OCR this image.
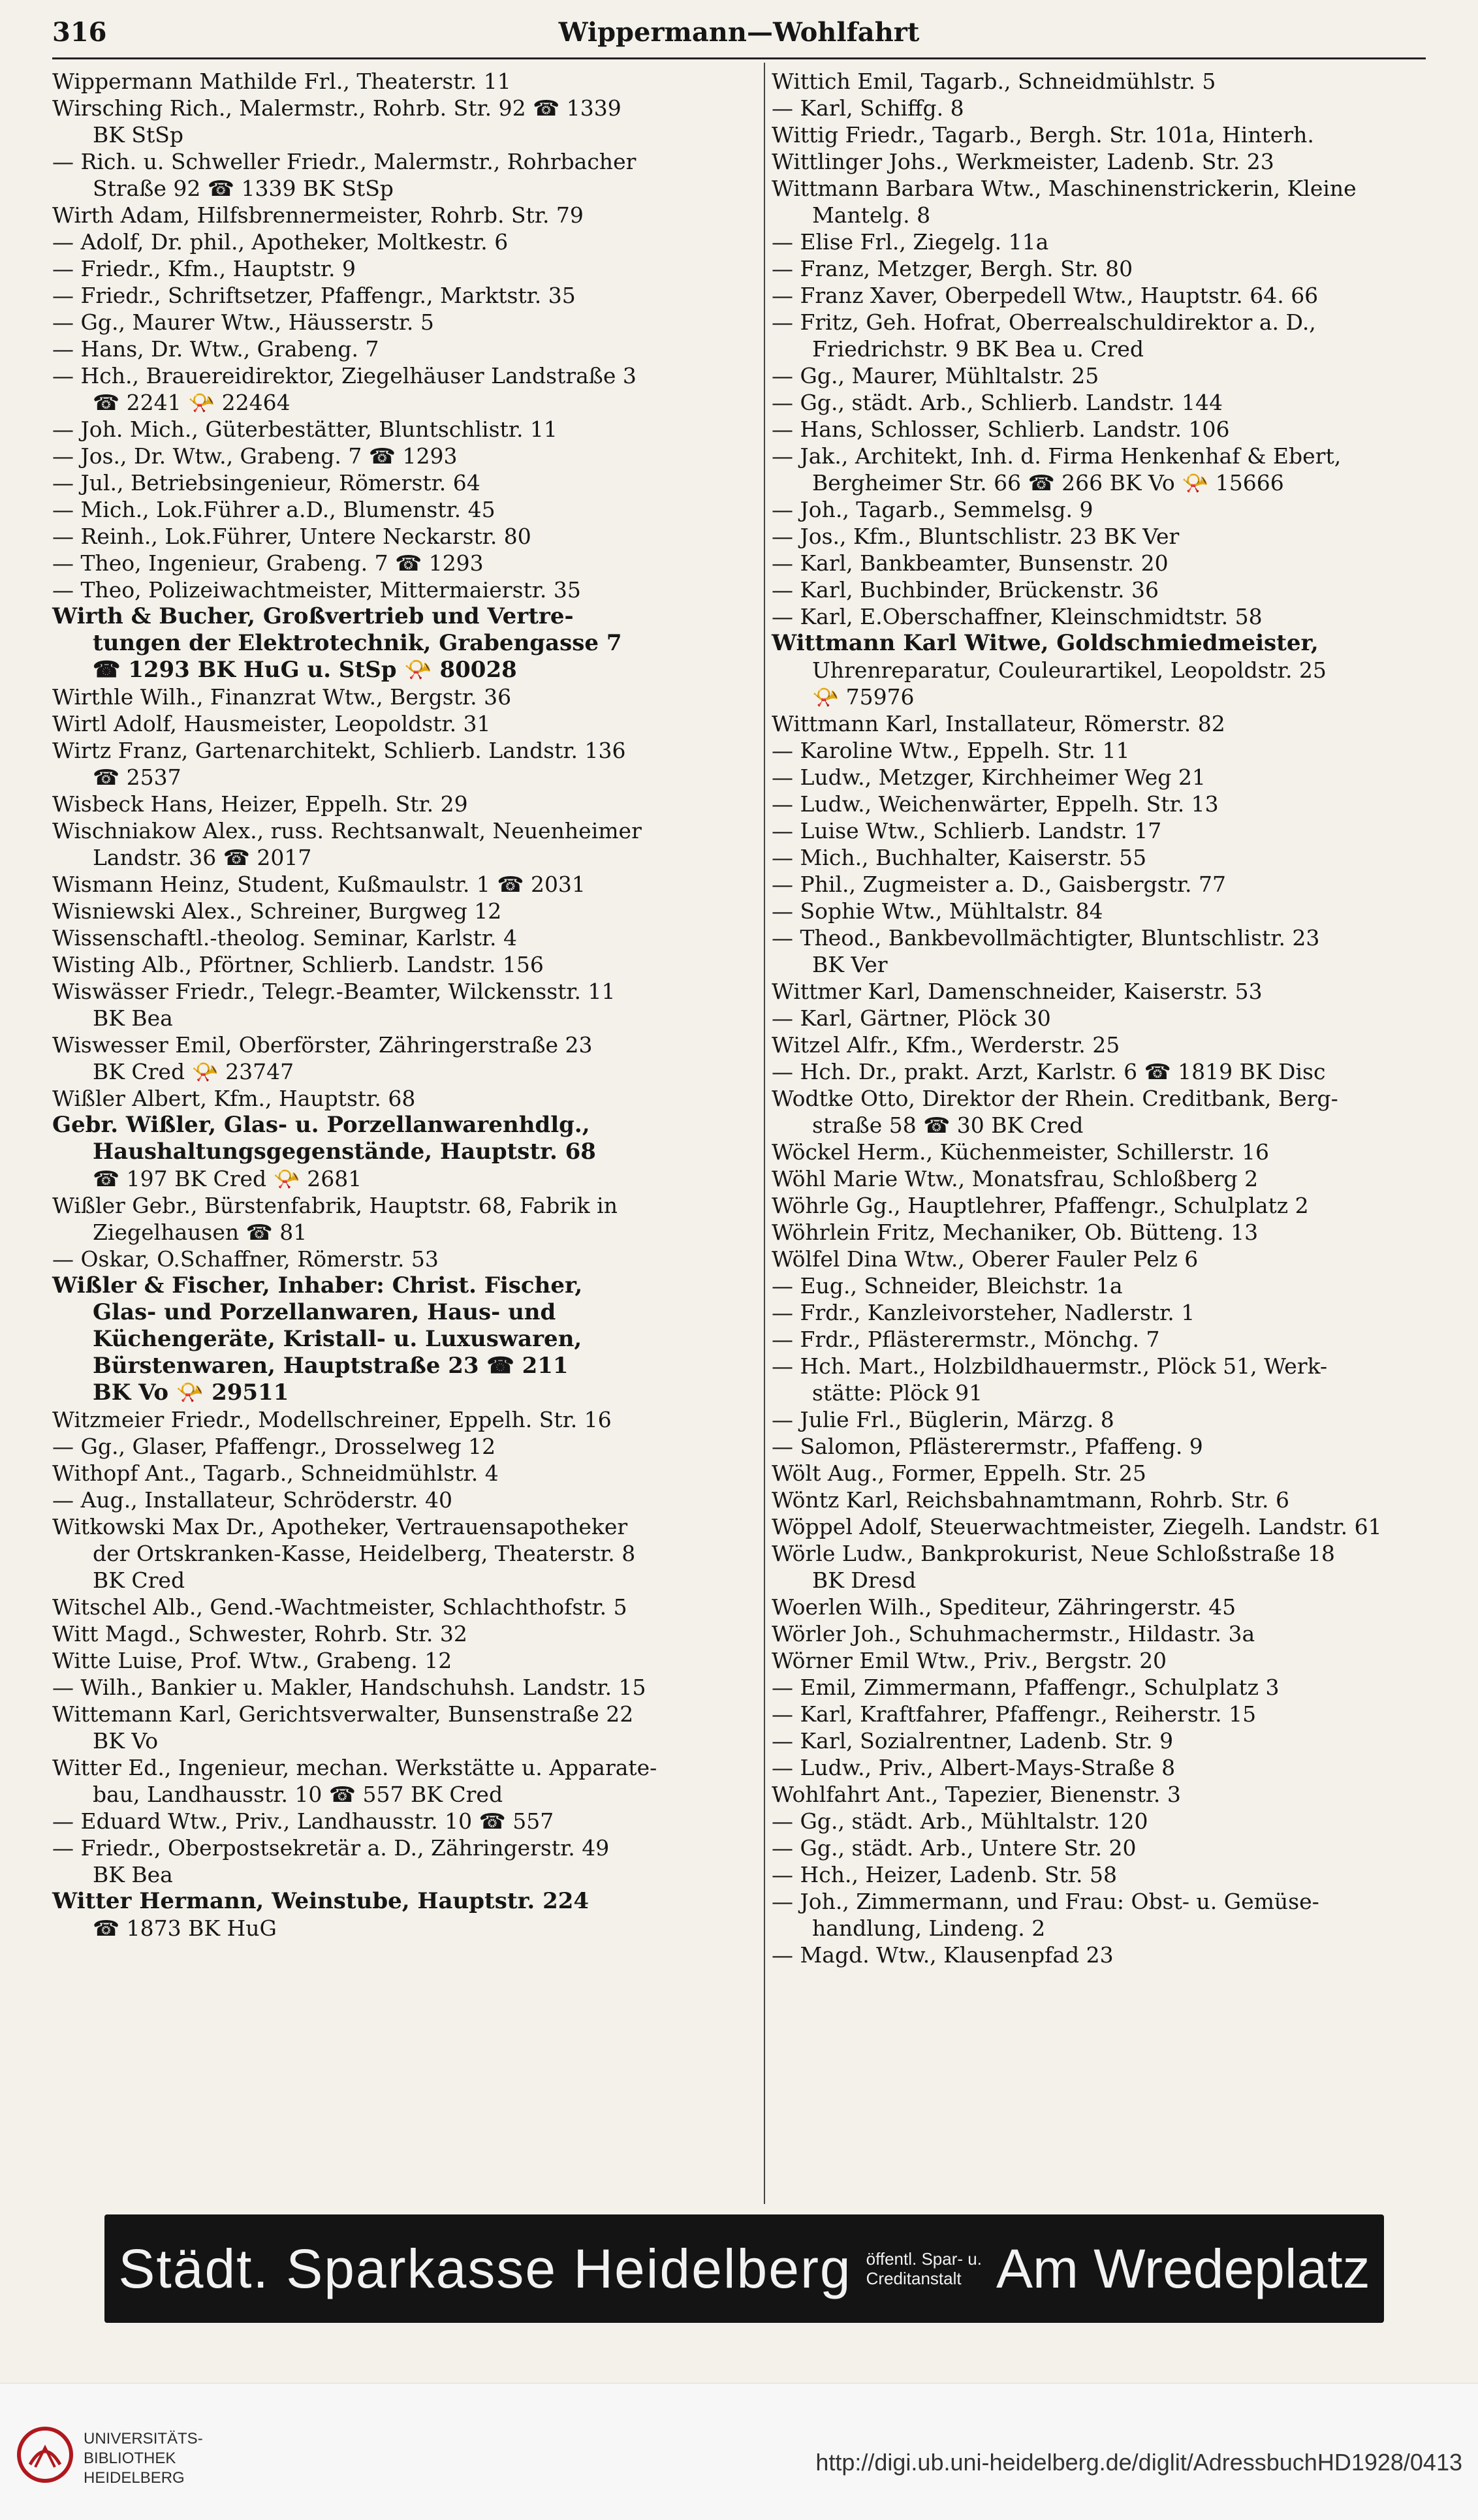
316	Wippermann—Wohlfahrt
Wippermann Mathilde Frl., Theaterstr. 11
Wirsching Rich., Malermstr., Rohrb. Str. 92 ☎ 1339
BK StSp
— Rich. u. Schweller Friedr., Malermstr., Rohrbacher
Straße 92 ☎ 1339 BK StSp
Wirth Adam, Hilfsbrennermeister, Rohrb. Str. 79
— Adolf, Dr. phil., Apotheker, Moltkestr. 6
— Friedr., Kfm., Hauptstr. 9
— Friedr., Schriftsetzer, Pfaffengr., Marktstr. 35
— Gg., Maurer Wtw., Häusserstr. 5
— Hans, Dr. Wtw., Grabeng. 7
— Hch., Brauereidirektor, Ziegelhäuser Landstraße 3
☎ 2241 📯 22464
— Joh. Mich., Güterbestätter, Bluntschlistr. 11
— Jos., Dr. Wtw., Grabeng. 7 ☎ 1293
— Jul., Betriebsingenieur, Römerstr. 64
— Mich., Lok.Führer a.D., Blumenstr. 45
— Reinh., Lok.Führer, Untere Neckarstr. 80
— Theo, Ingenieur, Grabeng. 7 ☎ 1293
— Theo, Polizeiwachtmeister, Mittermaierstr. 35
Wirth & Bucher, Großvertrieb und Vertre-
tungen der Elektrotechnik, Grabengasse 7
☎ 1293 BK HuG u. StSp 📯 80028
Wirthle Wilh., Finanzrat Wtw., Bergstr. 36
Wirtl Adolf, Hausmeister, Leopoldstr. 31
Wirtz Franz, Gartenarchitekt, Schlierb. Landstr. 136
☎ 2537
Wisbeck Hans, Heizer, Eppelh. Str. 29
Wischniakow Alex., russ. Rechtsanwalt, Neuenheimer
Landstr. 36 ☎ 2017
Wismann Heinz, Student, Kußmaulstr. 1 ☎ 2031
Wisniewski Alex., Schreiner, Burgweg 12
Wissenschaftl.-theolog. Seminar, Karlstr. 4
Wisting Alb., Pförtner, Schlierb. Landstr. 156
Wiswässer Friedr., Telegr.-Beamter, Wilckensstr. 11
BK Bea
Wiswesser Emil, Oberförster, Zähringerstraße 23
BK Cred 📯 23747
Wißler Albert, Kfm., Hauptstr. 68
Gebr. Wißler, Glas- u. Porzellanwarenhdlg.,
Haushaltungsgegenstände, Hauptstr. 68
☎ 197 BK Cred 📯 2681
Wißler Gebr., Bürstenfabrik, Hauptstr. 68, Fabrik in
Ziegelhausen ☎ 81
— Oskar, O.Schaffner, Römerstr. 53
Wißler & Fischer, Inhaber: Christ. Fischer,
Glas- und Porzellanwaren, Haus- und
Küchengeräte, Kristall- u. Luxuswaren,
Bürstenwaren, Hauptstraße 23 ☎ 211
BK Vo 📯 29511
Witzmeier Friedr., Modellschreiner, Eppelh. Str. 16
— Gg., Glaser, Pfaffengr., Drosselweg 12
Withopf Ant., Tagarb., Schneidmühlstr. 4
— Aug., Installateur, Schröderstr. 40
Witkowski Max Dr., Apotheker, Vertrauensapotheker
der Ortskranken-Kasse, Heidelberg, Theaterstr. 8
BK Cred
Witschel Alb., Gend.-Wachtmeister, Schlachthofstr. 5
Witt Magd., Schwester, Rohrb. Str. 32
Witte Luise, Prof. Wtw., Grabeng. 12
— Wilh., Bankier u. Makler, Handschuhsh. Landstr. 15
Wittemann Karl, Gerichtsverwalter, Bunsenstraße 22
BK Vo
Witter Ed., Ingenieur, mechan. Werkstätte u. Apparate-
bau, Landhausstr. 10 ☎ 557 BK Cred
— Eduard Wtw., Priv., Landhausstr. 10 ☎ 557
— Friedr., Oberpostsekretär a. D., Zähringerstr. 49
BK Bea
Witter Hermann, Weinstube, Hauptstr. 224
☎ 1873 BK HuG
Wittich Emil, Tagarb., Schneidmühlstr. 5
— Karl, Schiffg. 8
Wittig Friedr., Tagarb., Bergh. Str. 101a, Hinterh.
Wittlinger Johs., Werkmeister, Ladenb. Str. 23
Wittmann Barbara Wtw., Maschinenstrickerin, Kleine
Mantelg. 8
— Elise Frl., Ziegelg. 11a
— Franz, Metzger, Bergh. Str. 80
— Franz Xaver, Oberpedell Wtw., Hauptstr. 64. 66
— Fritz, Geh. Hofrat, Oberrealschuldirektor a. D.,
Friedrichstr. 9 BK Bea u. Cred
— Gg., Maurer, Mühltalstr. 25
— Gg., städt. Arb., Schlierb. Landstr. 144
— Hans, Schlosser, Schlierb. Landstr. 106
— Jak., Architekt, Inh. d. Firma Henkenhaf & Ebert,
Bergheimer Str. 66 ☎ 266 BK Vo 📯 15666
— Joh., Tagarb., Semmelsg. 9
— Jos., Kfm., Bluntschlistr. 23 BK Ver
— Karl, Bankbeamter, Bunsenstr. 20
— Karl, Buchbinder, Brückenstr. 36
— Karl, E.Oberschaffner, Kleinschmidtstr. 58
Wittmann Karl Witwe, Goldschmiedmeister,
Uhrenreparatur, Couleurartikel, Leopoldstr. 25
📯 75976
Wittmann Karl, Installateur, Römerstr. 82
— Karoline Wtw., Eppelh. Str. 11
— Ludw., Metzger, Kirchheimer Weg 21
— Ludw., Weichenwärter, Eppelh. Str. 13
— Luise Wtw., Schlierb. Landstr. 17
— Mich., Buchhalter, Kaiserstr. 55
— Phil., Zugmeister a. D., Gaisbergstr. 77
— Sophie Wtw., Mühltalstr. 84
— Theod., Bankbevollmächtigter, Bluntschlistr. 23
BK Ver
Wittmer Karl, Damenschneider, Kaiserstr. 53
— Karl, Gärtner, Plöck 30
Witzel Alfr., Kfm., Werderstr. 25
— Hch. Dr., prakt. Arzt, Karlstr. 6 ☎ 1819 BK Disc
Wodtke Otto, Direktor der Rhein. Creditbank, Berg-
straße 58 ☎ 30 BK Cred
Wöckel Herm., Küchenmeister, Schillerstr. 16
Wöhl Marie Wtw., Monatsfrau, Schloßberg 2
Wöhrle Gg., Hauptlehrer, Pfaffengr., Schulplatz 2
Wöhrlein Fritz, Mechaniker, Ob. Bütteng. 13
Wölfel Dina Wtw., Oberer Fauler Pelz 6
— Eug., Schneider, Bleichstr. 1a
— Frdr., Kanzleivorsteher, Nadlerstr. 1
— Frdr., Pflästerermstr., Mönchg. 7
— Hch. Mart., Holzbildhauermstr., Plöck 51, Werk-
stätte: Plöck 91
— Julie Frl., Büglerin, Märzg. 8
— Salomon, Pflästerermstr., Pfaffeng. 9
Wölt Aug., Former, Eppelh. Str. 25
Wöntz Karl, Reichsbahnamtmann, Rohrb. Str. 6
Wöppel Adolf, Steuerwachtmeister, Ziegelh. Landstr. 61
Wörle Ludw., Bankprokurist, Neue Schloßstraße 18
BK Dresd
Woerlen Wilh., Spediteur, Zähringerstr. 45
Wörler Joh., Schuhmachermstr., Hildastr. 3a
Wörner Emil Wtw., Priv., Bergstr. 20
— Emil, Zimmermann, Pfaffengr., Schulplatz 3
— Karl, Kraftfahrer, Pfaffengr., Reiherstr. 15
— Karl, Sozialrentner, Ladenb. Str. 9
— Ludw., Priv., Albert-Mays-Straße 8
Wohlfahrt Ant., Tapezier, Bienenstr. 3
— Gg., städt. Arb., Mühltalstr. 120
— Gg., städt. Arb., Untere Str. 20
— Hch., Heizer, Ladenb. Str. 58
— Joh., Zimmermann, und Frau: Obst- u. Gemüse-
handlung, Lindeng. 2
— Magd. Wtw., Klausenpfad 23
Städt. Sparkasse Heidelberg öffentl. Spar- u.
Creditanstalt Am Wredeplatz
UNIVERSITÄTS-
BIBLIOTHEK
HEIDELBERG
http://digi.ub.uni-heidelberg.de/diglit/AdressbuchHD1928/0413
